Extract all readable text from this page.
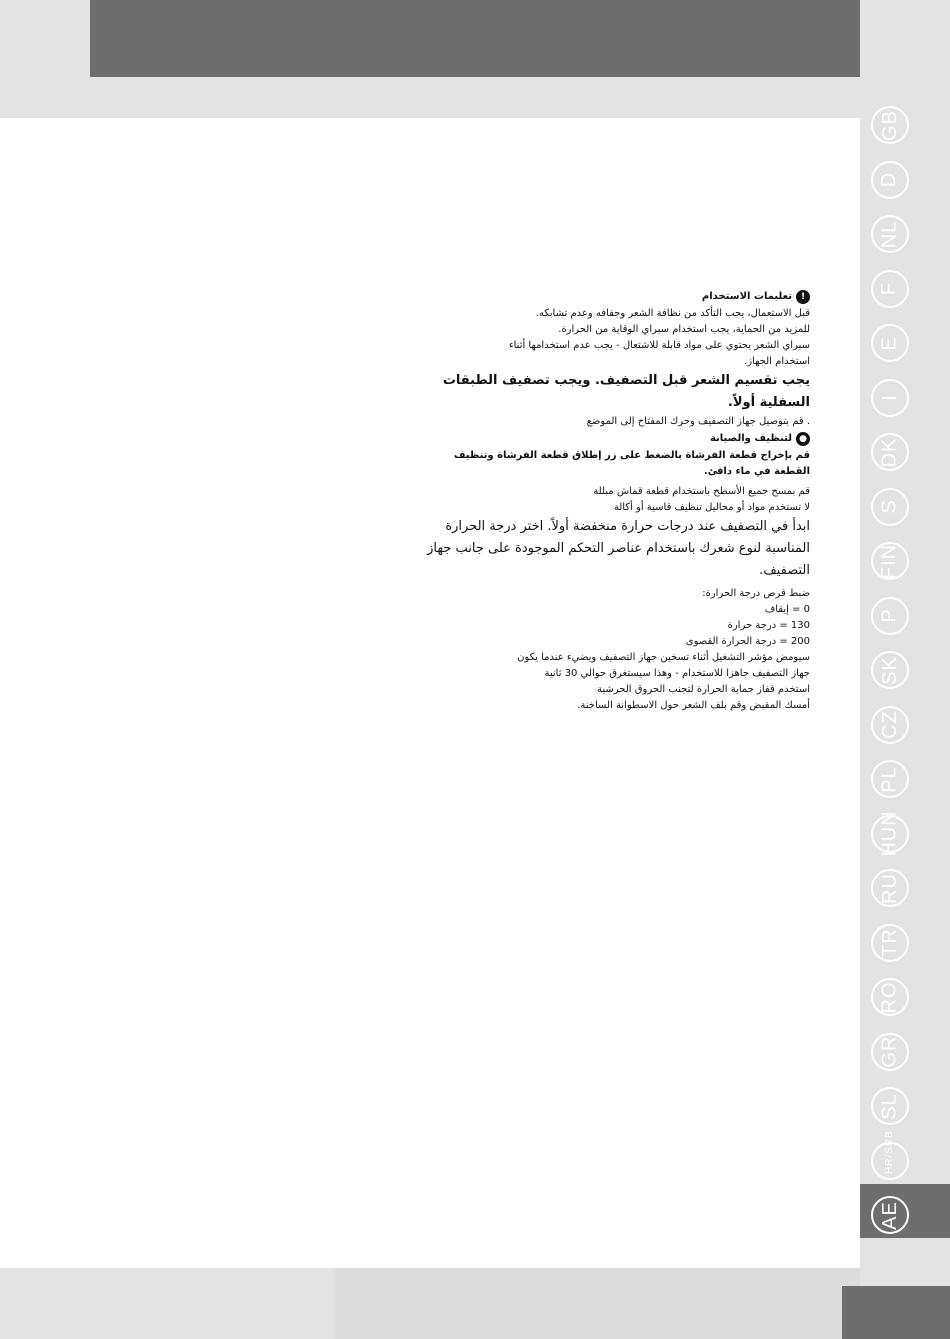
GB
D
NL
F
E
I
DK
S
FIN
P
SK
CZ
PL
HUN
RU
TR
RO
GR
SL
HR/SRB
AE
!
تعليمات الاستخدام
قبل الاستعمال، يجب التأكد من نظافة الشعر وجفافه وعدم تشابكه.
للمزيد من الحماية، يجب استخدام سبراي الوقاية من الحرارة.
سبراي الشعر يحتوي على مواد قابلة للاشتعال - يجب عدم استخدامها أثناء
استخدام الجهاز.
يجب تقسيم الشعر قبل التصفيف. ويجب تصفيف الطبقات السفلية أولاً.
. قم بتوصيل جهاز التصفيف وحرك المفتاح إلى الموضع
●
لتنظيف والصيانة
قم بإخراج قطعة الفرشاة بالضغط على زر إطلاق قطعة الفرشاة وتنظيف
القطعة في ماء دافئ.
قم بمسح جميع الأسطح باستخدام قطعة قماش مبللة
لا تستخدم مواد أو محاليل تنظيف قاسية أو أكالة
ابدأ في التصفيف عند درجات حرارة منخفضة أولاً. اختر درجة الحرارة المناسبة لنوع شعرك باستخدام عناصر التحكم الموجودة على جانب جهاز التصفيف.
ضبط قرص درجة الحرارة:
0 = إيقاف
130 = درجة حرارة
200 = درجة الحرارة القصوى
سيومض مؤشر التشغيل أثناء تسخين جهاز التصفيف ويضيء عندما يكون
جهاز التصفيف جاهزا للاستخدام - وهذا سيستغرق حوالي 30 ثانية
استخدم قفاز حماية الحرارة لتجنب الحروق الحرشية
أمسك المقبض وقم بلف الشعر حول الاسطوانة الساخنة.
